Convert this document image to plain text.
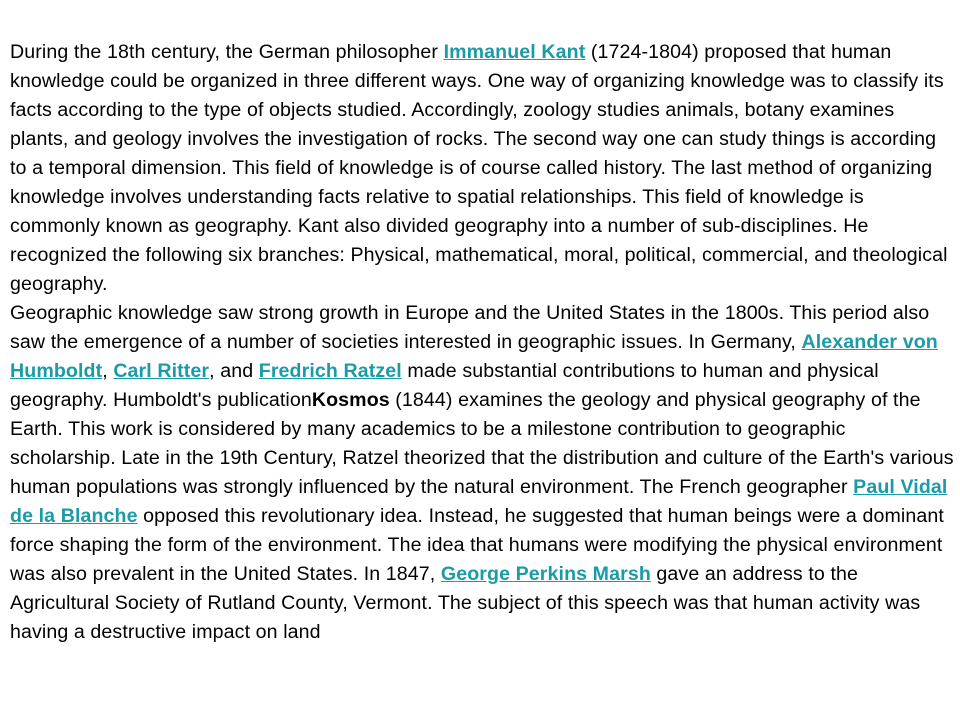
During the 18th century, the German philosopher Immanuel Kant (1724-1804) proposed that human knowledge could be organized in three different ways. One way of organizing knowledge was to classify its facts according to the type of objects studied. Accordingly, zoology studies animals, botany examines plants, and geology involves the investigation of rocks. The second way one can study things is according to a temporal dimension. This field of knowledge is of course called history. The last method of organizing knowledge involves understanding facts relative to spatial relationships. This field of knowledge is commonly known as geography. Kant also divided geography into a number of sub-disciplines. He recognized the following six branches: Physical, mathematical, moral, political, commercial, and theological geography.

Geographic knowledge saw strong growth in Europe and the United States in the 1800s. This period also saw the emergence of a number of societies interested in geographic issues. In Germany, Alexander von Humboldt, Carl Ritter, and Fredrich Ratzel made substantial contributions to human and physical geography. Humboldt's publicationKosmos (1844) examines the geology and physical geography of the Earth. This work is considered by many academics to be a milestone contribution to geographic scholarship. Late in the 19th Century, Ratzel theorized that the distribution and culture of the Earth's various human populations was strongly influenced by the natural environment. The French geographer Paul Vidal de la Blanche opposed this revolutionary idea. Instead, he suggested that human beings were a dominant force shaping the form of the environment. The idea that humans were modifying the physical environment was also prevalent in the United States. In 1847, George Perkins Marsh gave an address to the Agricultural Society of Rutland County, Vermont. The subject of this speech was that human activity was having a destructive impact on land
